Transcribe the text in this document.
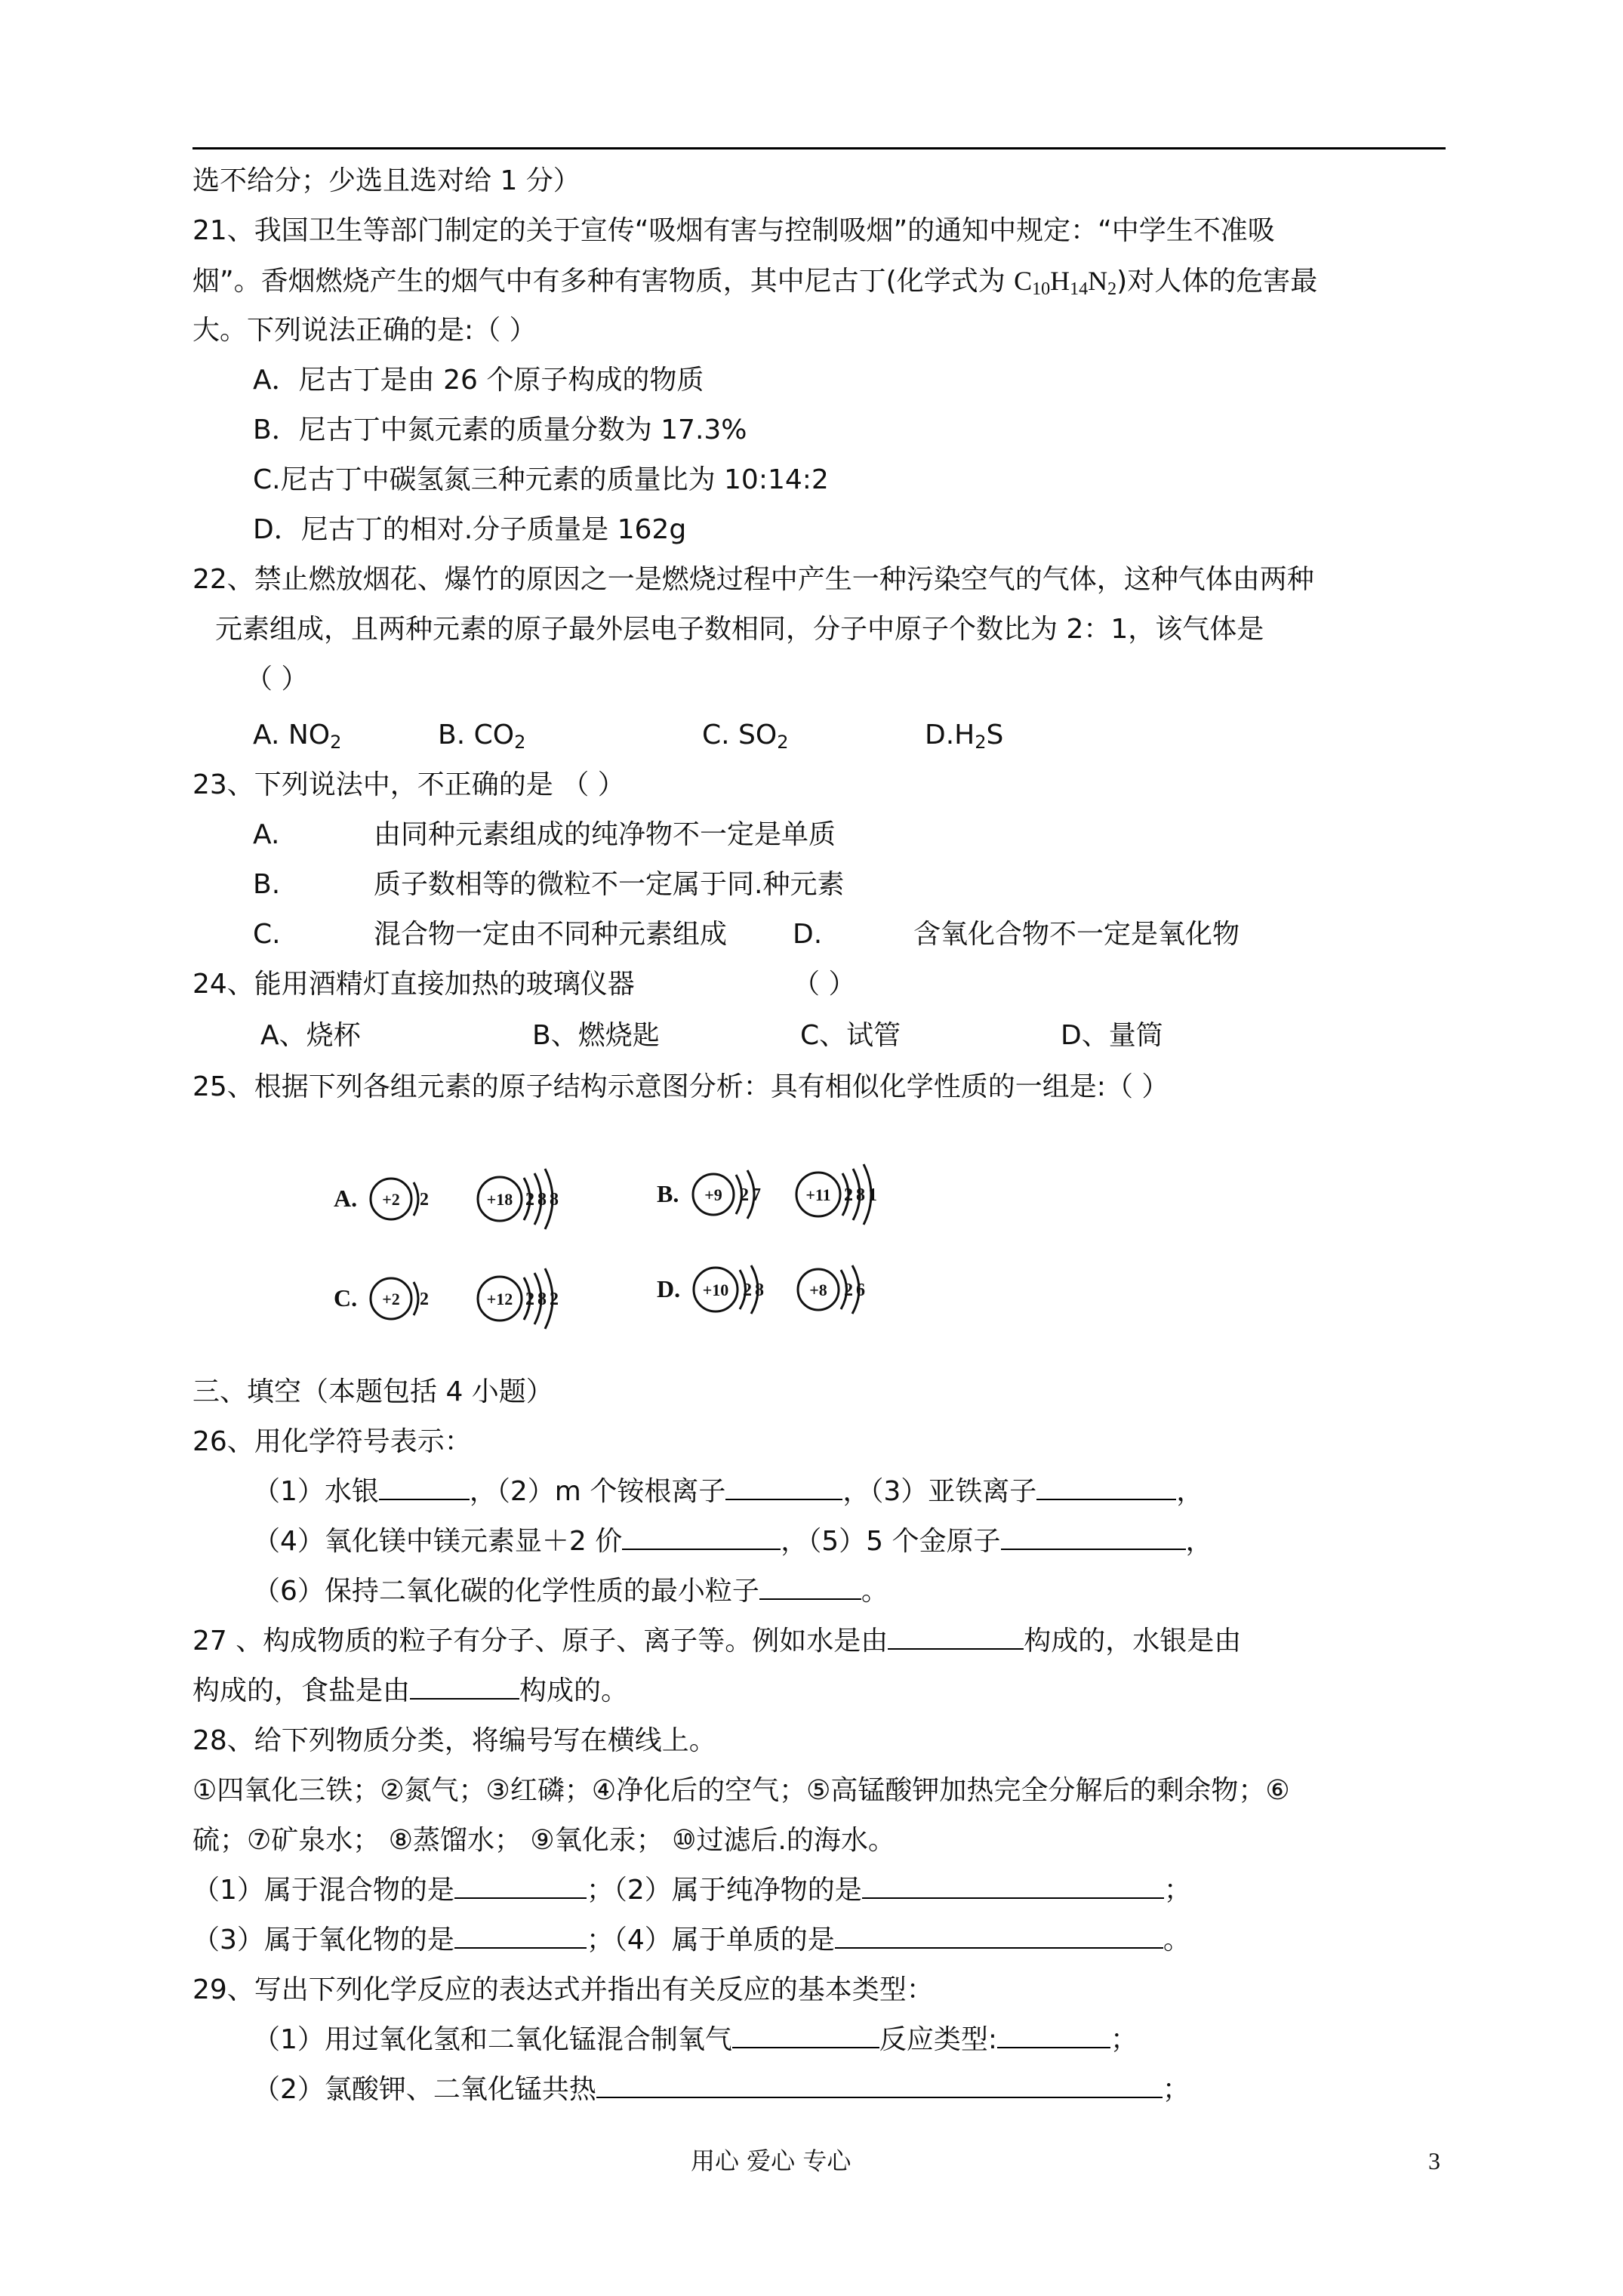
选不给分；少选且选对给 1 分）
21、我国卫生等部门制定的关于宣传“吸烟有害与控制吸烟”的通知中规定：“中学生不准吸
烟”。香烟燃烧产生的烟气中有多种有害物质，其中尼古丁(化学式为 $C_{10}H_{14}N_2$)对人体的危害最
大。下列说法正确的是:（ ）
A．尼古丁是由 26 个原子构成的物质
B．尼古丁中氮元素的质量分数为 17.3%
C.尼古丁中碳氢氮三种元素的质量比为 10:14:2
D．尼古丁的相对.分子质量是 162g
22、禁止燃放烟花、爆竹的原因之一是燃烧过程中产生一种污染空气的气体，这种气体由两种
元素组成，且两种元素的原子最外层电子数相同，分子中原子个数比为 2：1，该气体是
（ ）
A. $NO_2$	B. $CO_2$	C. $SO_2$	$D.H_2S$
23、下列说法中，不正确的是 （ ）
A.	由同种元素组成的纯净物不一定是单质
B.	质子数相等的微粒不一定属于同.种元素
C.	混合物一定由不同种元素组成 D.	含氧化合物不一定是氧化物
24、能用酒精灯直接加热的玻璃仪器	（ ）
A、烧杯	B、燃烧匙	C、试管	D、量筒
25、根据下列各组元素的原子结构示意图分析：具有相似化学性质的一组是:（ ）
A. +2 2	+18 2 8 8	B. +9 2 7	+11 2 8 1
C. +2 2	+12 2 8 2	D. +10 2 8	+8 2 6
三、填空（本题包括 4 小题）
26、用化学符号表示：
（1）水银	，（2）m 个铵根离子	，（3）亚铁离子	，
（4）氧化镁中镁元素显＋2 价	，（5）5 个金原子	，
（6）保持二氧化碳的化学性质的最小粒子	。
27 、构成物质的粒子有分子、原子、离子等。例如水是由	构成的，水银是由
构成的，食盐是由	构成的。
28、给下列物质分类，将编号写在横线上。
①四氧化三铁；②氮气；③红磷；④净化后的空气；⑤高锰酸钾加热完全分解后的剩余物；⑥
硫；⑦矿泉水； ⑧蒸馏水； ⑨氧化汞； ⑩过滤后.的海水。
（1）属于混合物的是	；（2）属于纯净物的是	；
（3）属于氧化物的是	；（4）属于单质的是	。
29、写出下列化学反应的表达式并指出有关反应的基本类型：
（1）用过氧化氢和二氧化锰混合制氧气	反应类型:	；
（2）氯酸钾、二氧化锰共热	；
用心 爱心 专心	3
